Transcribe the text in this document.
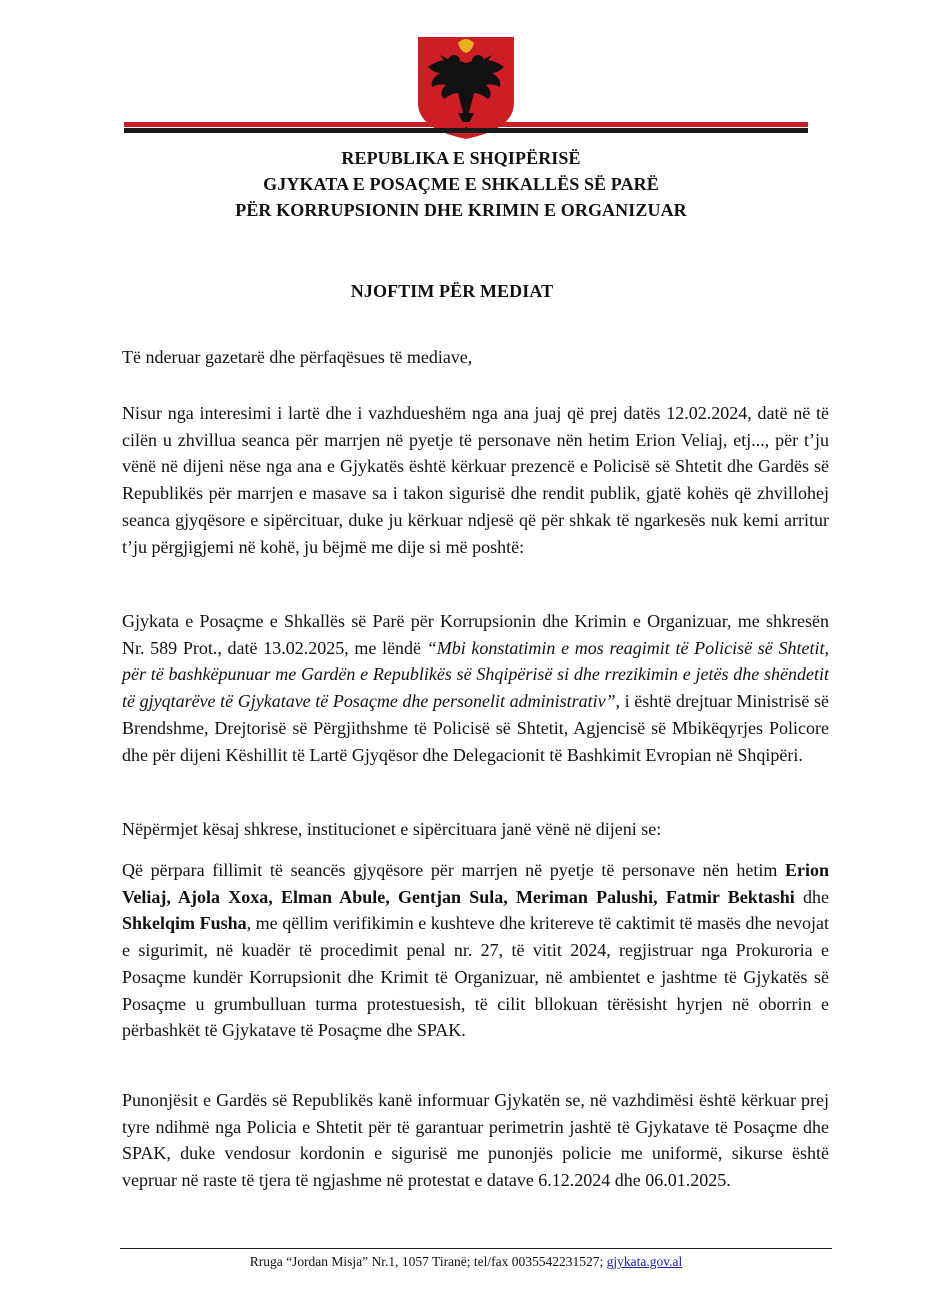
REPUBLIKA E SHQIPËRISË
GJYKATA E POSAÇME E SHKALLËS SË PARË
PËR KORRUPSIONIN DHE KRIMIN E ORGANIZUAR
NJOFTIM PËR MEDIAT

Të nderuar gazetarë dhe përfaqësues të mediave,

Nisur nga interesimi i lartë dhe i vazhdueshëm nga ana juaj që prej datës 12.02.2024, datë në të cilën u zhvillua seanca për marrjen në pyetje të personave nën hetim Erion Veliaj, etj..., për t’ju vënë në dijeni nëse nga ana e Gjykatës është kërkuar prezencë e Policisë së Shtetit dhe Gardës së Republikës për marrjen e masave sa i takon sigurisë dhe rendit publik, gjatë kohës që zhvillohej seanca gjyqësore e sipërcituar, duke ju kërkuar ndjesë që për shkak të ngarkesës nuk kemi arritur t’ju përgjigjemi në kohë, ju bëjmë me dije si më poshtë:

Gjykata e Posaçme e Shkallës së Parë për Korrupsionin dhe Krimin e Organizuar, me shkresën Nr. 589 Prot., datë 13.02.2025, me lëndë “Mbi konstatimin e mos reagimit të Policisë së Shtetit, për të bashkëpunuar me Gardën e Republikës së Shqipërisë si dhe rrezikimin e jetës dhe shëndetit të gjyqtarëve të Gjykatave të Posaçme dhe personelit administrativ”, i është drejtuar Ministrisë së Brendshme, Drejtorisë së Përgjithshme të Policisë së Shtetit, Agjencisë së Mbikëqyrjes Policore dhe për dijeni Këshillit të Lartë Gjyqësor dhe Delegacionit të Bashkimit Evropian në Shqipëri.

Nëpërmjet kësaj shkrese, institucionet e sipërcituara janë vënë në dijeni se:

Që përpara fillimit të seancës gjyqësore për marrjen në pyetje të personave nën hetim Erion Veliaj, Ajola Xoxa, Elman Abule, Gentjan Sula, Meriman Palushi, Fatmir Bektashi dhe Shkelqim Fusha, me qëllim verifikimin e kushteve dhe kritereve të caktimit të masës dhe nevojat e sigurimit, në kuadër të procedimit penal nr. 27, të vitit 2024, regjistruar nga Prokuroria e Posaçme kundër Korrupsionit dhe Krimit të Organizuar, në ambientet e jashtme të Gjykatës së Posaçme u grumbulluan turma protestuesish, të cilit bllokuan tërësisht hyrjen në oborrin e përbashkët të Gjykatave të Posaçme dhe SPAK.

Punonjësit e Gardës së Republikës kanë informuar Gjykatën se, në vazhdimësi është kërkuar prej tyre ndihmë nga Policia e Shtetit për të garantuar perimetrin jashtë të Gjykatave të Posaçme dhe SPAK, duke vendosur kordonin e sigurisë me punonjës policie me uniformë, sikurse është vepruar në raste të tjera të ngjashme në protestat e datave 6.12.2024 dhe 06.01.2025.

Rruga “Jordan Misja” Nr.1, 1057 Tiranë; tel/fax 0035542231527; gjykata.gov.al
